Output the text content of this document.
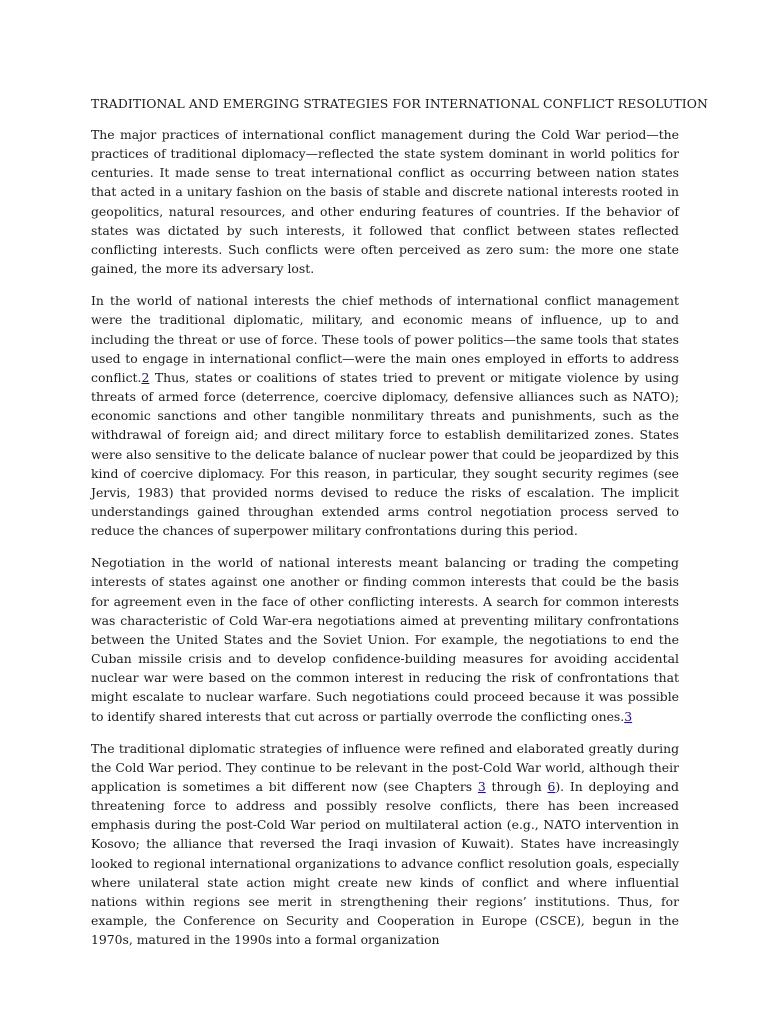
TRADITIONAL AND EMERGING STRATEGIES FOR INTERNATIONAL CONFLICT RESOLUTION

The major practices of international conflict management during the Cold War period—the practices of traditional diplomacy—reflected the state system dominant in world politics for centuries. It made sense to treat international conflict as occurring between nation states that acted in a unitary fashion on the basis of stable and discrete national interests rooted in geopolitics, natural resources, and other enduring features of countries. If the behavior of states was dictated by such interests, it followed that conflict between states reflected conflicting interests. Such conflicts were often perceived as zero sum: the more one state gained, the more its adversary lost.

In the world of national interests the chief methods of international conflict management were the traditional diplomatic, military, and economic means of influence, up to and including the threat or use of force. These tools of power politics—the same tools that states used to engage in international conflict—were the main ones employed in efforts to address conflict.2 Thus, states or coalitions of states tried to prevent or mitigate violence by using threats of armed force (deterrence, coercive diplomacy, defensive alliances such as NATO); economic sanctions and other tangible nonmilitary threats and punishments, such as the withdrawal of foreign aid; and direct military force to establish demilitarized zones. States were also sensitive to the delicate balance of nuclear power that could be jeopardized by this kind of coercive diplomacy. For this reason, in particular, they sought security regimes (see Jervis, 1983) that provided norms devised to reduce the risks of escalation. The implicit understandings gained throughan extended arms control negotiation process served to reduce the chances of superpower military confrontations during this period.

Negotiation in the world of national interests meant balancing or trading the competing interests of states against one another or finding common interests that could be the basis for agreement even in the face of other conflicting interests. A search for common interests was characteristic of Cold War-era negotiations aimed at preventing military confrontations between the United States and the Soviet Union. For example, the negotiations to end the Cuban missile crisis and to develop confidence-building measures for avoiding accidental nuclear war were based on the common interest in reducing the risk of confrontations that might escalate to nuclear warfare. Such negotiations could proceed because it was possible to identify shared interests that cut across or partially overrode the conflicting ones.3

The traditional diplomatic strategies of influence were refined and elaborated greatly during the Cold War period. They continue to be relevant in the post-Cold War world, although their application is sometimes a bit different now (see Chapters 3 through 6). In deploying and threatening force to address and possibly resolve conflicts, there has been increased emphasis during the post-Cold War period on multilateral action (e.g., NATO intervention in Kosovo; the alliance that reversed the Iraqi invasion of Kuwait). States have increasingly looked to regional international organizations to advance conflict resolution goals, especially where unilateral state action might create new kinds of conflict and where influential nations within regions see merit in strengthening their regions’ institutions. Thus, for example, the Conference on Security and Cooperation in Europe (CSCE), begun in the 1970s, matured in the 1990s into a formal organization
